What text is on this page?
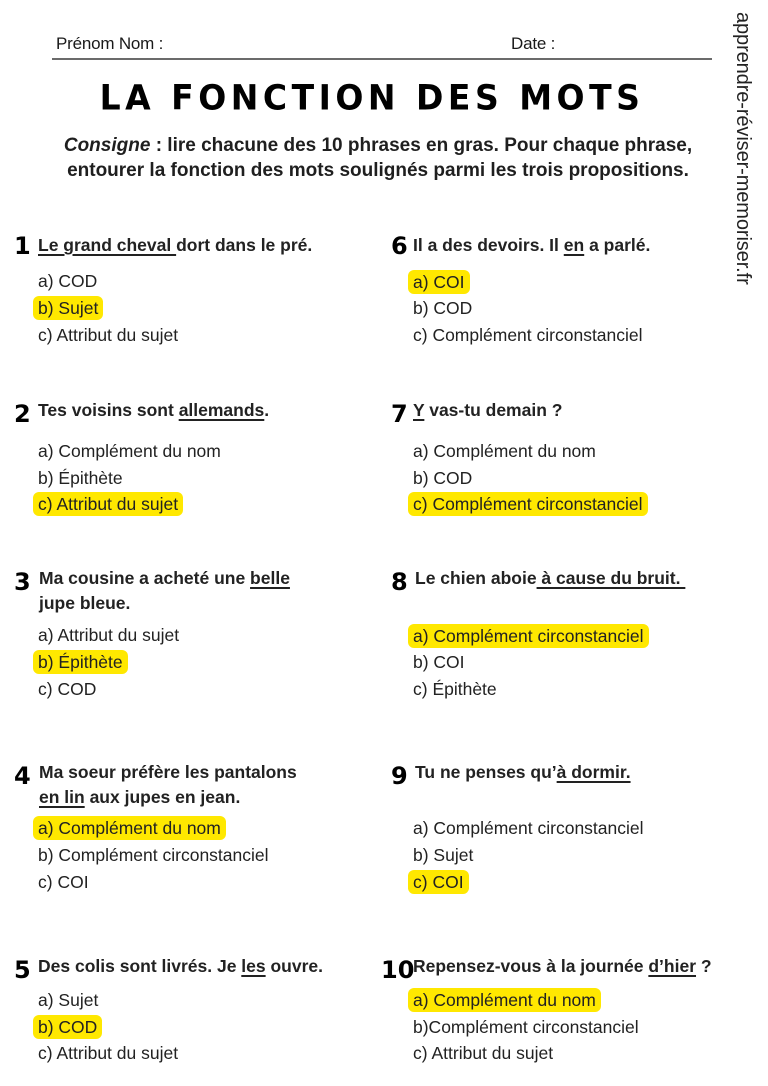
Prénom Nom :	Date :	apprendre-réviser-memoriser.fr
LA FONCTION DES MOTS
Consigne : lire chacune des 10 phrases en gras. Pour chaque phrase, entourer la fonction des mots soulignés parmi les trois propositions.
1 Le grand cheval dort dans le pré.
a) COD
b) Sujet
c) Attribut du sujet
2 Tes voisins sont allemands.
a) Complément du nom
b) Épithète
c) Attribut du sujet
3 Ma cousine a acheté une belle
jupe bleue.
a) Attribut du sujet
b) Épithète
c) COD
4 Ma soeur préfère les pantalons
en lin aux jupes en jean.
a) Complément du nom
b) Complément circonstanciel
c) COI
5 Des colis sont livrés. Je les ouvre.
a) Sujet
b) COD
c) Attribut du sujet
6 Il a des devoirs. Il en a parlé.
a) COI
b) COD
c) Complément circonstanciel
7 Y vas-tu demain ?
a) Complément du nom
b) COD
c) Complément circonstanciel
8 Le chien aboie à cause du bruit.
a) Complément circonstanciel
b) COI
c) Épithète
9 Tu ne penses qu’à dormir.
a) Complément circonstanciel
b) Sujet
c) COI
10
Repensez-vous à la journée d’hier ?
a) Complément du nom
b)Complément circonstanciel
c) Attribut du sujet
